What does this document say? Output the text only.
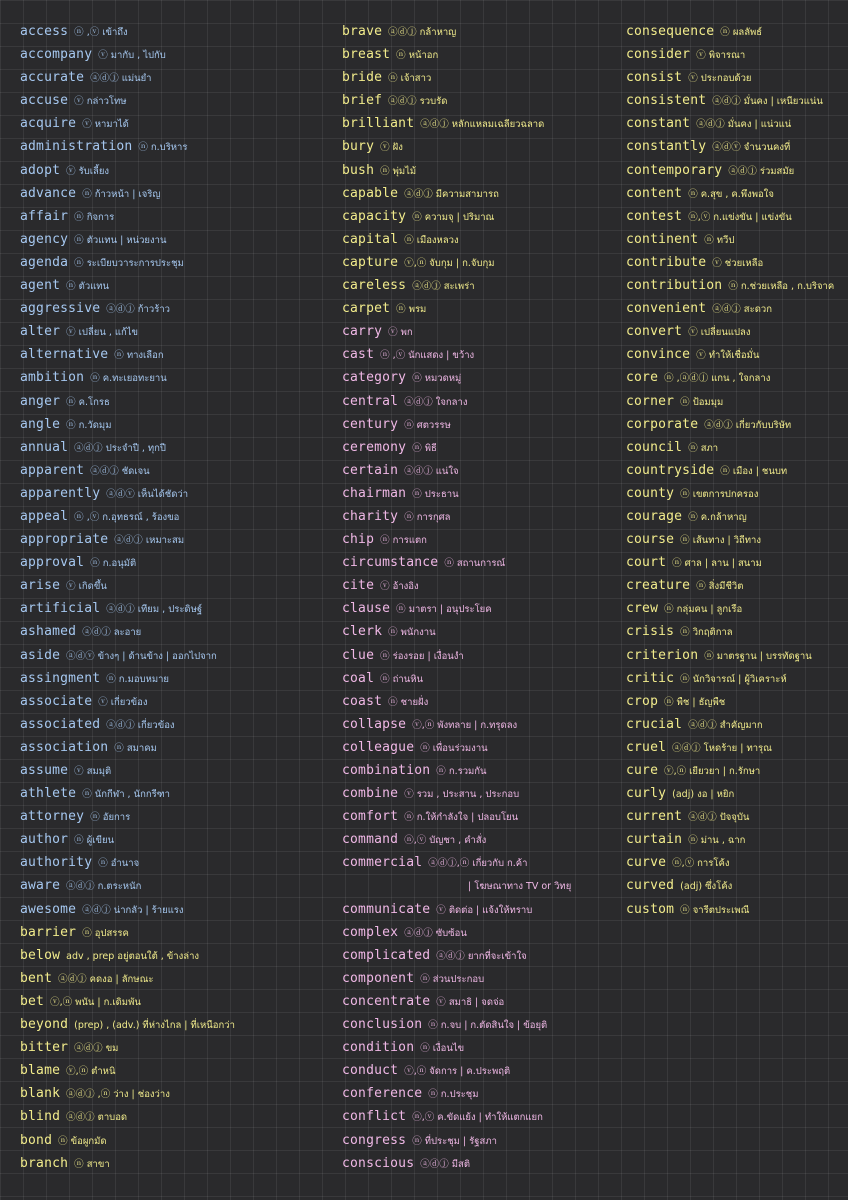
access ⓝ ,ⓥ เข้าถึง
accompany ⓥ มากับ , ไปกับ
accurate ⓐⓓⓙ แม่นยำ
accuse ⓥ กล่าวโทษ
acquire ⓥ หามาได้
administration ⓝ ก.บริหาร
adopt ⓥ รับเลี้ยง
advance ⓝ ก้าวหน้า | เจริญ
affair ⓝ กิจการ
agency ⓝ ตัวแทน | หน่วยงาน
agenda ⓝ ระเบียบวาระการประชุม
agent ⓝ ตัวแทน
aggressive ⓐⓓⓙ ก้าวร้าว
alter ⓥ เปลี่ยน , แก้ไข
alternative ⓝ ทางเลือก
ambition ⓝ ค.ทะเยอทะยาน
anger ⓝ ค.โกรธ
angle ⓝ ก.วัดมุม
annual ⓐⓓⓙ ประจำปี , ทุกปี
apparent ⓐⓓⓙ ชัดเจน
apparently ⓐⓓⓥ เห็นได้ชัดว่า
appeal ⓝ ,ⓥ ก.อุทธรณ์ , ร้องขอ
appropriate ⓐⓓⓙ เหมาะสม
approval ⓝ ก.อนุมัติ
arise ⓥ เกิดขึ้น
artificial ⓐⓓⓙ เทียม , ประดิษฐ์
ashamed ⓐⓓⓙ ละอาย
aside ⓐⓓⓥ ข้างๆ | ด้านข้าง | ออกไปจาก
assingment ⓝ ก.มอบหมาย
associate ⓥ เกี่ยวข้อง
associated ⓐⓓⓙ เกี่ยวข้อง
association ⓝ สมาคม
assume ⓥ สมมุติ
athlete ⓝ นักกีฬา , นักกรีฑา
attorney ⓝ อัยการ
author ⓝ ผู้เขียน
authority ⓝ อำนาจ
aware ⓐⓓⓙ ก.ตระหนัก
awesome ⓐⓓⓙ น่ากลัว | ร้ายแรง
barrier ⓝ อุปสรรค
below adv , prep อยู่ตอนใต้ , ข้างล่าง
bent ⓐⓓⓙ คดงอ | ลักษณะ
bet ⓥ,ⓝ พนัน | ก.เดิมพัน
beyond (prep) , (adv.) ที่ห่างไกล | ที่เหนือกว่า
bitter ⓐⓓⓙ ขม
blame ⓥ,ⓝ ตำหนิ
blank ⓐⓓⓙ ,ⓝ ว่าง | ช่องว่าง
blind ⓐⓓⓙ ตาบอด
bond ⓝ ข้อผูกมัด
branch ⓝ สาขา
brave ⓐⓓⓙ กล้าหาญ
breast ⓝ หน้าอก
bride ⓝ เจ้าสาว
brief ⓐⓓⓙ รวบรัด
brilliant ⓐⓓⓙ หลักแหลมเฉลียวฉลาด
bury ⓥ ฝัง
bush ⓝ พุ่มไม้
capable ⓐⓓⓙ มีความสามารถ
capacity ⓝ ความจุ | ปริมาณ
capital ⓝ เมืองหลวง
capture ⓥ,ⓝ จับกุม | ก.จับกุม
careless ⓐⓓⓙ สะเพร่า
carpet ⓝ พรม
carry ⓥ พก
cast ⓝ ,ⓥ นักแสดง | ขว้าง
category ⓝ หมวดหมู่
central ⓐⓓⓙ ใจกลาง
century ⓝ ศตวรรษ
ceremony ⓝ พิธี
certain ⓐⓓⓙ แน่ใจ
chairman ⓝ ประธาน
charity ⓝ การกุศล
chip ⓝ การแตก
circumstance ⓝ สถานการณ์
cite ⓥ อ้างอิง
clause ⓝ มาตรา | อนุประโยค
clerk ⓝ พนักงาน
clue ⓝ ร่องรอย | เงื่อนงำ
coal ⓝ ถ่านหิน
coast ⓝ ชายฝั่ง
collapse ⓥ,ⓝ พังทลาย | ก.ทรุดลง
colleague ⓝ เพื่อนร่วมงาน
combination ⓝ ก.รวมกัน
combine ⓥ รวม , ประสาน , ประกอบ
comfort ⓝ ก.ให้กำลังใจ | ปลอบโยน
command ⓝ,ⓥ บัญชา , คำสั่ง
commercial ⓐⓓⓙ,ⓝ เกี่ยวกับ ก.ค้า
| โฆษณาทาง TV or วิทยุ
communicate ⓥ ติดต่อ | แจ้งให้ทราบ
complex ⓐⓓⓙ ซับซ้อน
complicated ⓐⓓⓙ ยากที่จะเข้าใจ
component ⓝ ส่วนประกอบ
concentrate ⓥ สมาธิ | จดจ่อ
conclusion ⓝ ก.จบ | ก.ตัดสินใจ | ข้อยุติ
condition ⓝ เงื่อนไข
conduct ⓥ,ⓝ จัดการ | ค.ประพฤติ
conference ⓝ ก.ประชุม
conflict ⓝ,ⓥ ค.ขัดแย้ง | ทำให้แตกแยก
congress ⓝ ที่ประชุม | รัฐสภา
conscious ⓐⓓⓙ มีสติ
consequence ⓝ ผลลัพธ์
consider ⓥ พิจารณา
consist ⓥ ประกอบด้วย
consistent ⓐⓓⓙ มั่นคง | เหนียวแน่น
constant ⓐⓓⓙ มั่นคง | แน่วแน่
constantly ⓐⓓⓥ จำนวนคงที่
contemporary ⓐⓓⓙ ร่วมสมัย
content ⓝ ค.สุข , ค.พึงพอใจ
contest ⓝ,ⓥ ก.แข่งขัน | แข่งขัน
continent ⓝ ทวีป
contribute ⓥ ช่วยเหลือ
contribution ⓝ ก.ช่วยเหลือ , ก.บริจาค
convenient ⓐⓓⓙ สะดวก
convert ⓥ เปลี่ยนแปลง
convince ⓥ ทำให้เชื่อมั่น
core ⓝ ,ⓐⓓⓙ แกน , ใจกลาง
corner ⓝ ป้อมมุม
corporate ⓐⓓⓙ เกี่ยวกับบริษัท
council ⓝ สภา
countryside ⓝ เมือง | ชนบท
county ⓝ เขตการปกครอง
courage ⓝ ค.กล้าหาญ
course ⓝ เส้นทาง | วิถีทาง
court ⓝ ศาล | ลาน | สนาม
creature ⓝ สิ่งมีชีวิต
crew ⓝ กลุ่มคน | ลูกเรือ
crisis ⓝ วิกฤติกาล
criterion ⓝ มาตรฐาน | บรรทัดฐาน
critic ⓝ นักวิจารณ์ | ผู้วิเคราะห์
crop ⓝ พืช | ธัญพืช
crucial ⓐⓓⓙ สำคัญมาก
cruel ⓐⓓⓙ โหดร้าย | ทารุณ
cure ⓥ,ⓝ เยียวยา | ก.รักษา
curly (adj) งอ | หยิก
current ⓐⓓⓙ ปัจจุบัน
curtain ⓝ ม่าน , ฉาก
curve ⓝ,ⓥ การโค้ง
curved (adj) ซึ่งโค้ง
custom ⓝ จารีตประเพณี
